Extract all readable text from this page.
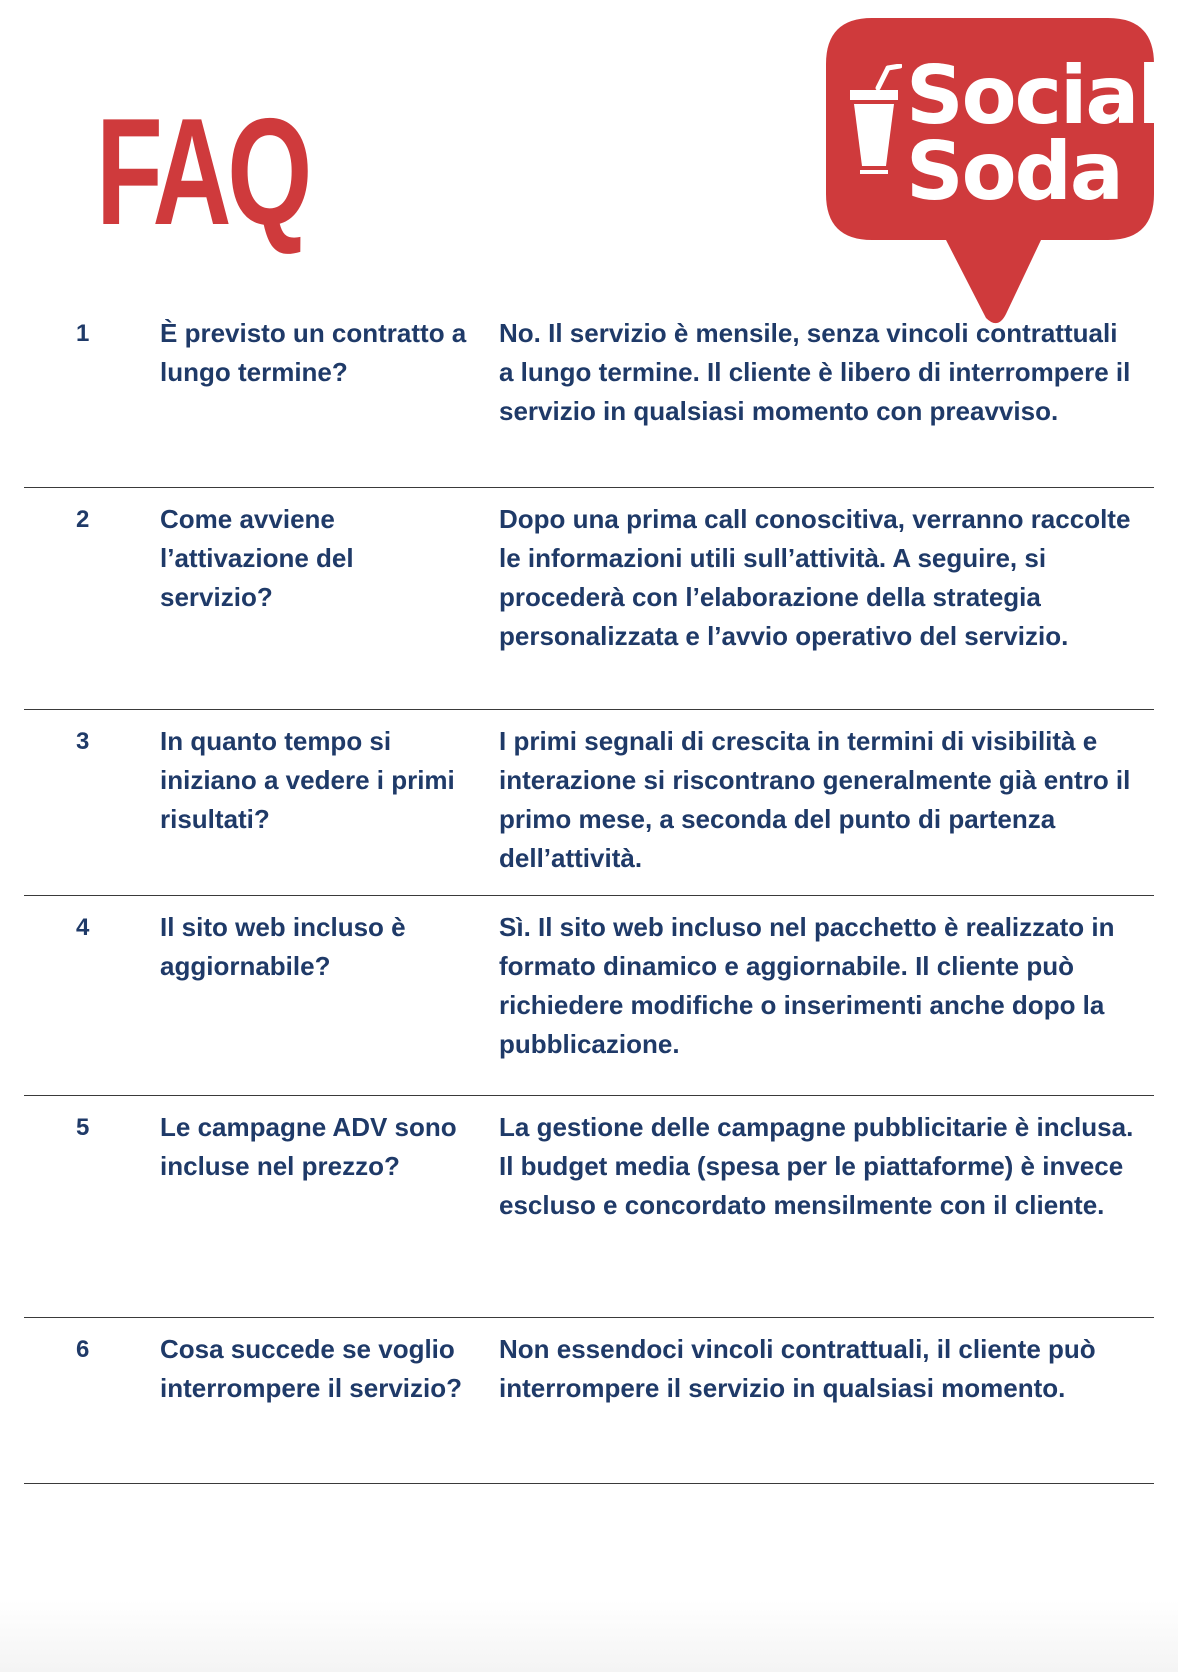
FAQ	Social
Soda
1	È previsto un contratto a lungo termine?
No. Il servizio è mensile, senza vincoli contrattuali a lungo termine. Il cliente è libero di interrompere il servizio in qualsiasi momento con preavviso.
2	Come avviene l’attivazione del servizio?
Dopo una prima call conoscitiva, verranno raccolte le informazioni utili sull’attività. A seguire, si procederà con l’elaborazione della strategia personalizzata e l’avvio operativo del servizio.
3	In quanto tempo si iniziano a vedere i primi risultati?
I primi segnali di crescita in termini di visibilità e interazione si riscontrano generalmente già entro il primo mese, a seconda del punto di partenza dell’attività.
4	Il sito web incluso è aggiornabile?
Sì. Il sito web incluso nel pacchetto è realizzato in formato dinamico e aggiornabile. Il cliente può richiedere modifiche o inserimenti anche dopo la pubblicazione.
5	Le campagne ADV sono incluse nel prezzo?
La gestione delle campagne pubblicitarie è inclusa. Il budget media (spesa per le piattaforme) è invece escluso e concordato mensilmente con il cliente.
6	Cosa succede se voglio interrompere il servizio?
Non essendoci vincoli contrattuali, il cliente può interrompere il servizio in qualsiasi momento.
